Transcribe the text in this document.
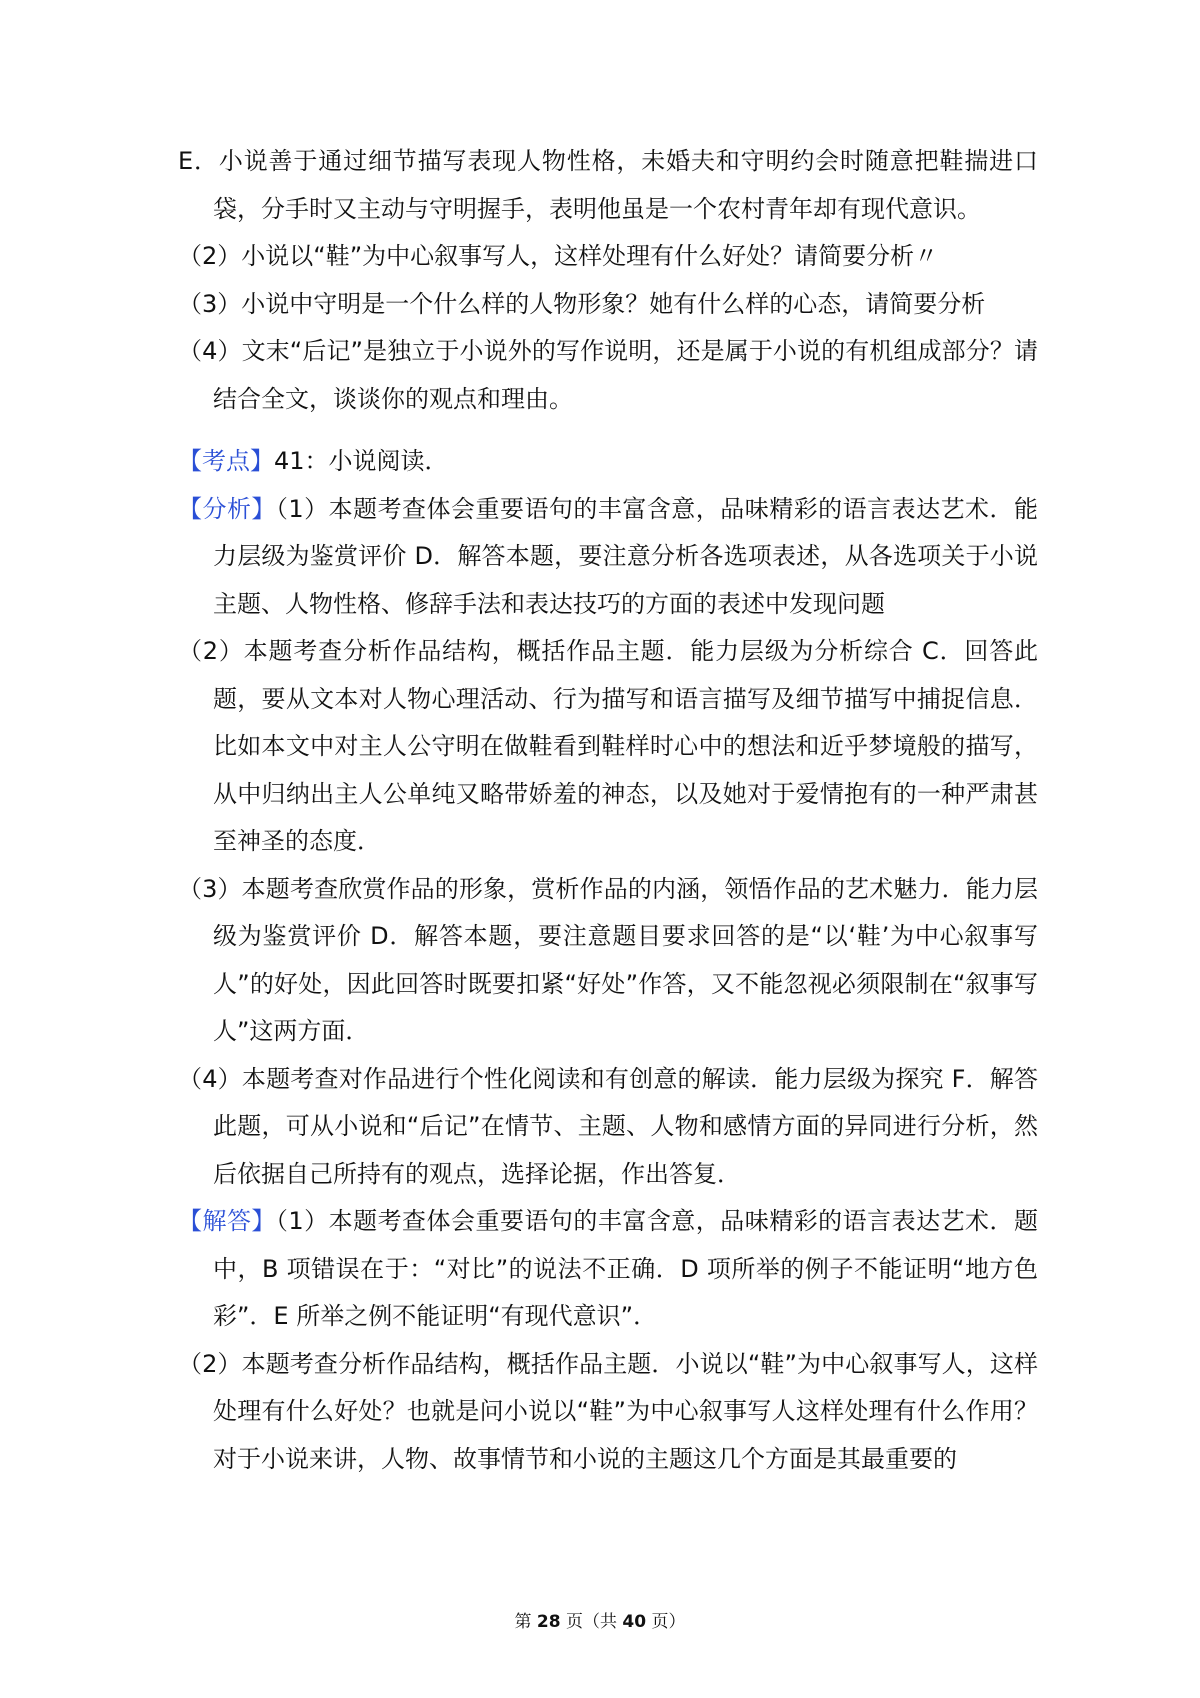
E．小说善于通过细节描写表现人物性格，未婚夫和守明约会时随意把鞋揣进口袋，分手时又主动与守明握手，表明他虽是一个农村青年却有现代意识。
（2）小说以“鞋”为中心叙事写人，这样处理有什么好处？请简要分析〃
（3）小说中守明是一个什么样的人物形象？她有什么样的心态，请简要分析
（4）文末“后记”是独立于小说外的写作说明，还是属于小说的有机组成部分？请结合全文，谈谈你的观点和理由。
【考点】41：小说阅读．
【分析】（1）本题考查体会重要语句的丰富含意，品味精彩的语言表达艺术．能力层级为鉴赏评价 D．解答本题，要注意分析各选项表述，从各选项关于小说主题、人物性格、修辞手法和表达技巧的方面的表述中发现问题
（2）本题考查分析作品结构，概括作品主题．能力层级为分析综合 C．回答此题，要从文本对人物心理活动、行为描写和语言描写及细节描写中捕捉信息．比如本文中对主人公守明在做鞋看到鞋样时心中的想法和近乎梦境般的描写，从中归纳出主人公单纯又略带娇羞的神态，以及她对于爱情抱有的一种严肃甚至神圣的态度．
（3）本题考查欣赏作品的形象，赏析作品的内涵，领悟作品的艺术魅力．能力层级为鉴赏评价 D．解答本题，要注意题目要求回答的是“以‘鞋’为中心叙事写人”的好处，因此回答时既要扣紧“好处”作答，又不能忽视必须限制在“叙事写人”这两方面．
（4）本题考查对作品进行个性化阅读和有创意的解读．能力层级为探究 F．解答此题，可从小说和“后记”在情节、主题、人物和感情方面的异同进行分析，然后依据自己所持有的观点，选择论据，作出答复．
【解答】（1）本题考查体会重要语句的丰富含意，品味精彩的语言表达艺术．题中，B 项错误在于：“对比”的说法不正确．D 项所举的例子不能证明“地方色彩”．E 所举之例不能证明“有现代意识”．
（2）本题考查分析作品结构，概括作品主题．小说以“鞋”为中心叙事写人，这样处理有什么好处？也就是问小说以“鞋”为中心叙事写人这样处理有什么作用？对于小说来讲，人物、故事情节和小说的主题这几个方面是其最重要的
第 28 页（共 40 页）
